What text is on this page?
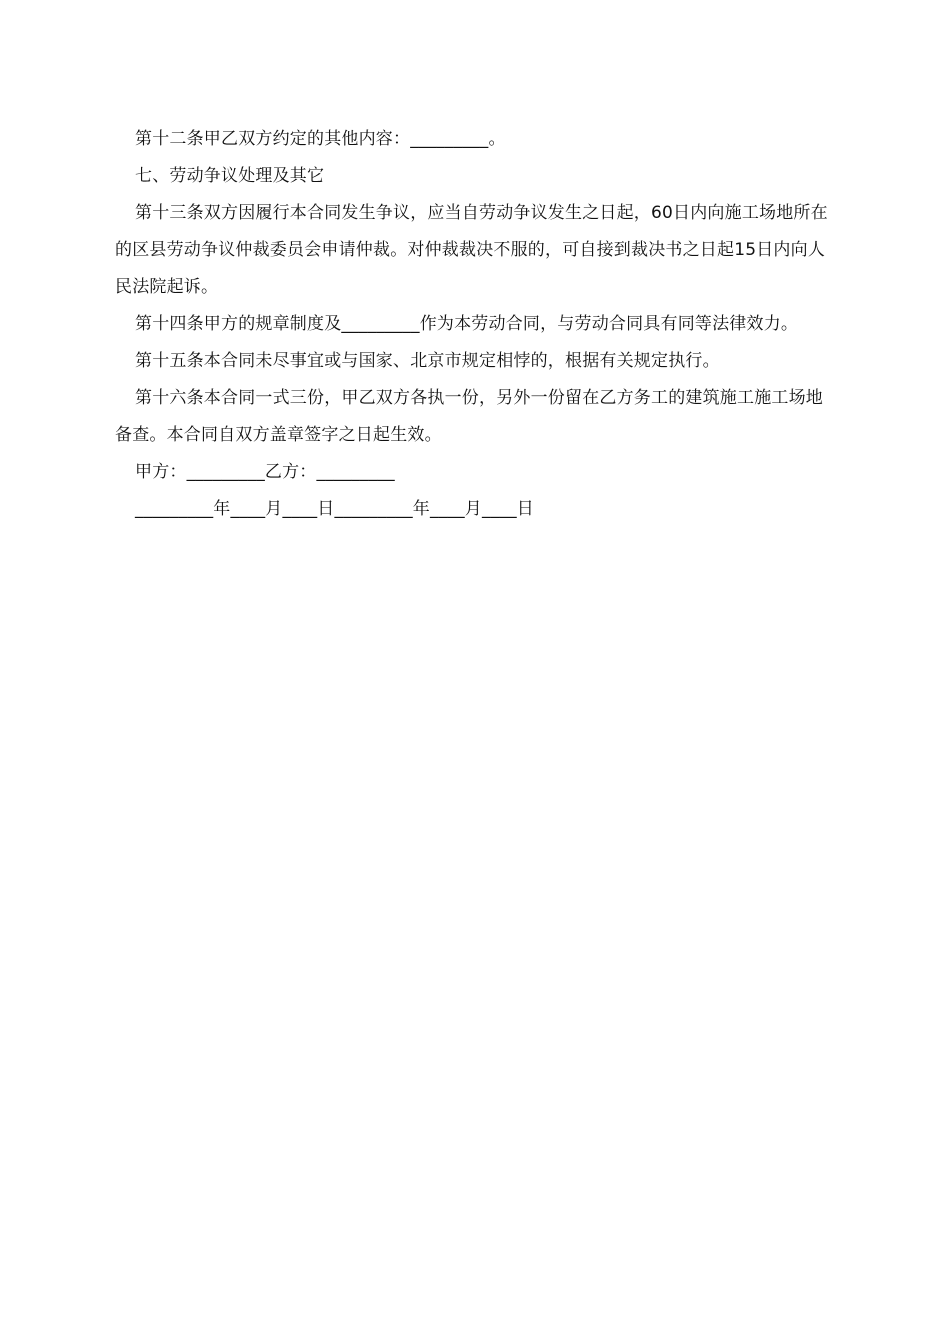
第十二条甲乙双方约定的其他内容：_________。

七、劳动争议处理及其它

第十三条双方因履行本合同发生争议，应当自劳动争议发生之日起，60日内向施工场地所在的区县劳动争议仲裁委员会申请仲裁。对仲裁裁决不服的，可自接到裁决书之日起15日内向人民法院起诉。

第十四条甲方的规章制度及_________作为本劳动合同，与劳动合同具有同等法律效力。

第十五条本合同未尽事宜或与国家、北京市规定相悖的，根据有关规定执行。

第十六条本合同一式三份，甲乙双方各执一份，另外一份留在乙方务工的建筑施工施工场地备查。本合同自双方盖章签字之日起生效。

甲方：_________乙方：_________

_________年____月____日_________年____月____日
